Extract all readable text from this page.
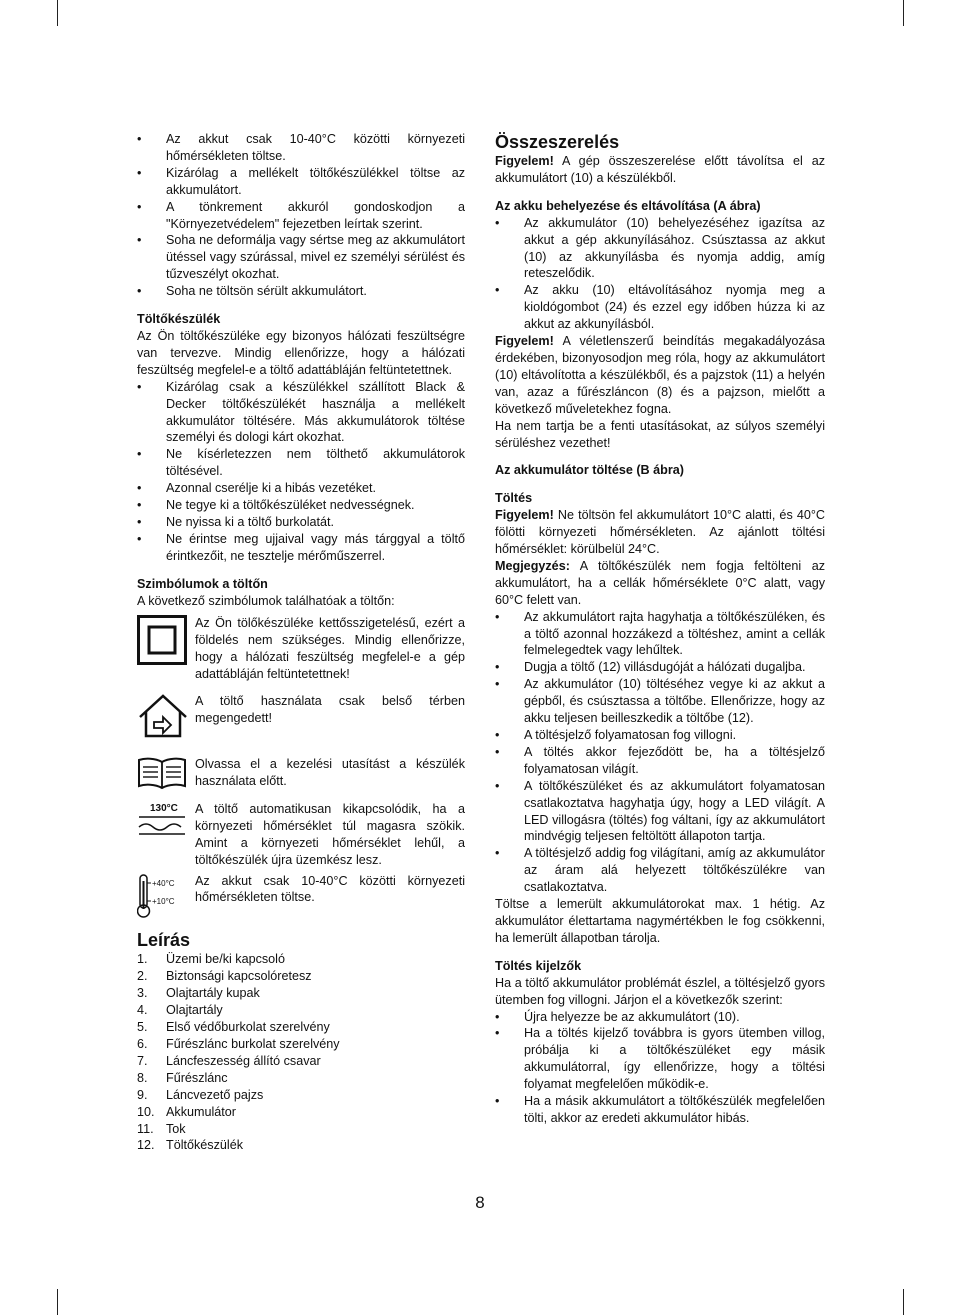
• Az akkut csak 10-40°C közötti környezeti hőmérsékleten töltse.
• Kizárólag a mellékelt töltőkészülékkel töltse az akkumulátort.
• A tönkrement akkuról gondoskodjon a "Környezetvédelem" fejezetben leírtak szerint.
• Soha ne deformálja vagy sértse meg az akkumulátort ütéssel vagy szúrással, mivel ez személyi sérülést és tűzveszélyt okozhat.
• Soha ne töltsön sérült akkumulátort.

Töltőkészülék

Az Ön töltőkészüléke egy bizonyos hálózati feszültségre van tervezve. Mindig ellenőrizze, hogy a hálózati feszültség megfelel-e a töltő adattábláján feltüntetettnek.

• Kizárólag csak a készülékkel szállított Black & Decker töltőkészülékét használja a mellékelt akkumulátor töltésére. Más akkumulátorok töltése személyi és dologi kárt okozhat.
• Ne kísérletezzen nem tölthető akkumulátorok töltésével.
• Azonnal cserélje ki a hibás vezetéket.
• Ne tegye ki a töltőkészüléket nedvességnek.
• Ne nyissa ki a töltő burkolatát.
• Ne érintse meg ujjaival vagy más tárggyal a töltő érintkezőit, ne tesztelje mérőműszerrel.

Szimbólumok a töltőn

A következő szimbólumok találhatóak a töltőn:

Az Ön tölőkészüléke kettősszigetelésű, ezért a földelés nem szükséges. Mindig ellenőrizze, hogy a hálózati feszültség megfelel-e a gép adattábláján feltüntetettnek!
A töltő használata csak belső térben megengedett!
Olvassa el a kezelési utasítást a készülék használata előtt.
130°C A töltő automatikusan kikapcsolódik, ha a környezeti hőmérséklet túl magasra szökik. Amint a környezeti hőmérséklet lehűl, a töltőkészülék újra üzemkész lesz.
+40°C
+10°C
Az akkut csak 10-40°C közötti környezeti hőmérsékleten töltse.

Leírás

1.	Üzemi be/ki kapcsoló
2.	Biztonsági kapcsolóretesz
3.	Olajtartály kupak
4.	Olajtartály
5.	Első védőburkolat szerelvény
6.	Fűrészlánc burkolat szerelvény
7.	Láncfeszesség állító csavar
8.	Fűrészlánc
9.	Láncvezető pajzs
10. Akkumulátor
11. Tok
12. Töltőkészülék

Összeszerelés

Figyelem! A gép összeszerelése előtt távolítsa el az akkumulátort (10) a készülékből.

Az akku behelyezése és eltávolítása (A ábra)

• Az akkumulátor (10) behelyezéséhez igazítsa az akkut a gép akkunyílásához. Csúsztassa az akkut (10) az akkunyílásba és nyomja addig, amíg reteszelődik.
• Az akku (10) eltávolításához nyomja meg a kioldógombot (24) és ezzel egy időben húzza ki az akkut az akkunyílásból.

Figyelem! A véletlenszerű beindítás megakadályozása érdekében, bizonyosodjon meg róla, hogy az akkumulátort (10) eltávolította a készülékből, és a pajzstok (11) a helyén van, azaz a fűrészláncon (8) és a pajzson, mielőtt a következő műveletekhez fogna.

Ha nem tartja be a fenti utasításokat, az súlyos személyi sérüléshez vezethet!

Az akkumulátor töltése (B ábra)

Töltés

Figyelem! Ne töltsön fel akkumulátort 10°C alatti, és 40°C fölötti környezeti hőmérsékleten. Az ajánlott töltési hőmérséklet: körülbelül 24°C.

Megjegyzés: A töltőkészülék nem fogja feltölteni az akkumulátort, ha a cellák hőmérséklete 0°C alatt, vagy 60°C felett van.

• Az akkumulátort rajta hagyhatja a töltőkészüléken, és a töltő azonnal hozzákezd a töltéshez, amint a cellák felmelegedtek vagy lehűltek.
• Dugja a töltő (12) villásdugóját a hálózati dugaljba.
• Az akkumulátor (10) töltéséhez vegye ki az akkut a gépből, és csúsztassa a töltőbe. Ellenőrizze, hogy az akku teljesen beilleszkedik a töltőbe (12).
• A töltésjelző folyamatosan fog villogni.
• A töltés akkor fejeződött be, ha a töltésjelző folyamatosan világít.
• A töltőkészüléket és az akkumulátort folyamatosan csatlakoztatva hagyhatja úgy, hogy a LED világít. A LED villogásra (töltés) fog váltani, így az akkumulátort mindvégig teljesen feltöltött állapoton tartja.
• A töltésjelző addig fog világítani, amíg az akkumulátor az áram alá helyezett töltőkészülékre van csatlakoztatva.

Töltse a lemerült akkumulátorokat max. 1 hétig. Az akkumulátor élettartama nagymértékben le fog csökkenni, ha lemerült állapotban tárolja.

Töltés kijelzők

Ha a töltő akkumulátor problémát észlel, a töltésjelző gyors ütemben fog villogni. Járjon el a következők szerint:

• Újra helyezze be az akkumulátort (10).
• Ha a töltés kijelző továbbra is gyors ütemben villog, próbálja ki a töltőkészüléket egy másik akkumulátorral, így ellenőrizze, hogy a töltési folyamat megfelelően működik-e.
• Ha a másik akkumulátort a töltőkészülék megfelelően tölti, akkor az eredeti akkumulátor hibás.
8
